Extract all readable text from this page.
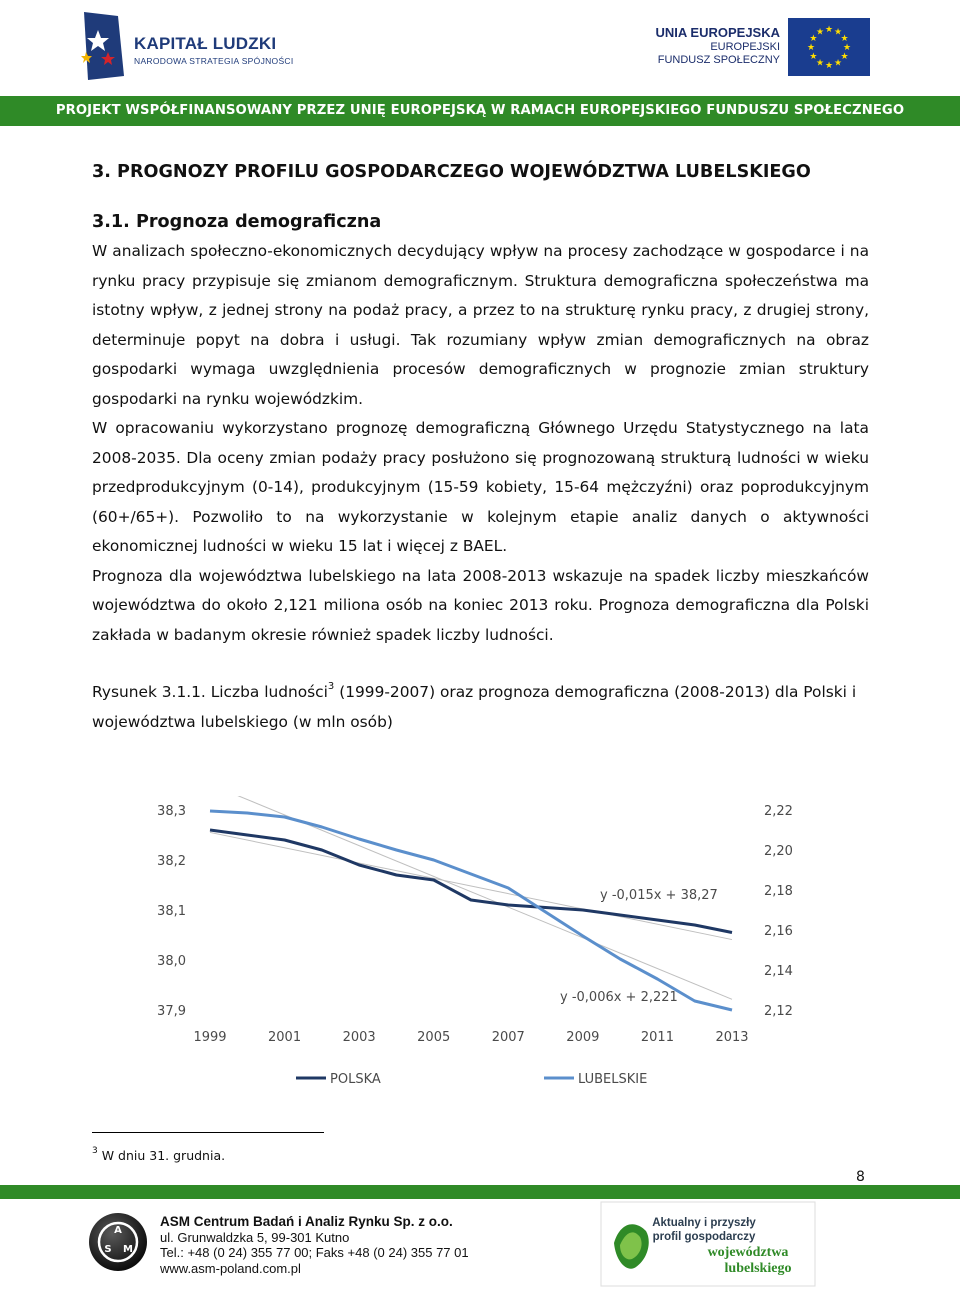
KAPITAŁ LUDZKI
NARODOWA STRATEGIA SPÓJNOŚCI
UNIA EUROPEJSKA
EUROPEJSKI
FUNDUSZ SPOŁECZNY
★
★
★
★
★
★
★
★
★ ★ ★
★
PROJEKT WSPÓŁFINANSOWANY PRZEZ UNIĘ EUROPEJSKĄ W RAMACH EUROPEJSKIEGO FUNDUSZU SPOŁECZNEGO
3. PROGNOZY PROFILU GOSPODARCZEGO WOJEWÓDZTWA LUBELSKIEGO
3.1. Prognoza demograficzna

W analizach społeczno-ekonomicznych decydujący wpływ na procesy zachodzące w gospodarce i na rynku pracy przypisuje się zmianom demograficznym. Struktura demograficzna społeczeństwa ma istotny wpływ, z jednej strony na podaż pracy, a przez to na strukturę rynku pracy, z drugiej strony, determinuje popyt na dobra i usługi. Tak rozumiany wpływ zmian demograficznych na obraz gospodarki wymaga uwzględnienia procesów demograficznych w prognozie zmian struktury gospodarki na rynku wojewódzkim.

W opracowaniu wykorzystano prognozę demograficzną Głównego Urzędu Statystycznego na lata 2008-2035. Dla oceny zmian podaży pracy posłużono się prognozowaną strukturą ludności w wieku przedprodukcyjnym (0-14), produkcyjnym (15-59 kobiety, 15-64 mężczyźni) oraz poprodukcyjnym (60+/65+). Pozwoliło to na wykorzystanie w kolejnym etapie analiz danych o aktywności ekonomicznej ludności w wieku 15 lat i więcej z BAEL.

Prognoza dla województwa lubelskiego na lata 2008-2013 wskazuje na spadek liczby mieszkańców województwa do około 2,121 miliona osób na koniec 2013 roku. Prognoza demograficzna dla Polski zakłada w badanym okresie również spadek liczby ludności.

Rysunek 3.1.1. Liczba ludności$^3$ (1999-2007) oraz prognoza demograficzna (2008-2013) dla Polski i województwa lubelskiego (w mln osób)

38,3
38,2
38,1
38,0
37,9
2,22
2,20
2,18
2,16
2,14
2,12
1999	2001	2003	2005	2007	2009	2011	2013
y -0,015x + 38,27
y -0,006x + 2,221
POLSKA	LUBELSKIE
$^3$ W dniu 31. grudnia.
8
A
S M
ASM Centrum Badań i Analiz Rynku Sp. z o.o.
ul. Grunwaldzka 5, 99-301 Kutno
Tel.: +48 (0 24) 355 77 00; Faks +48 (0 24) 355 77 01
www.asm-poland.com.pl
Aktualny i przyszły
profil gospodarczy
województwa
lubelskiego
